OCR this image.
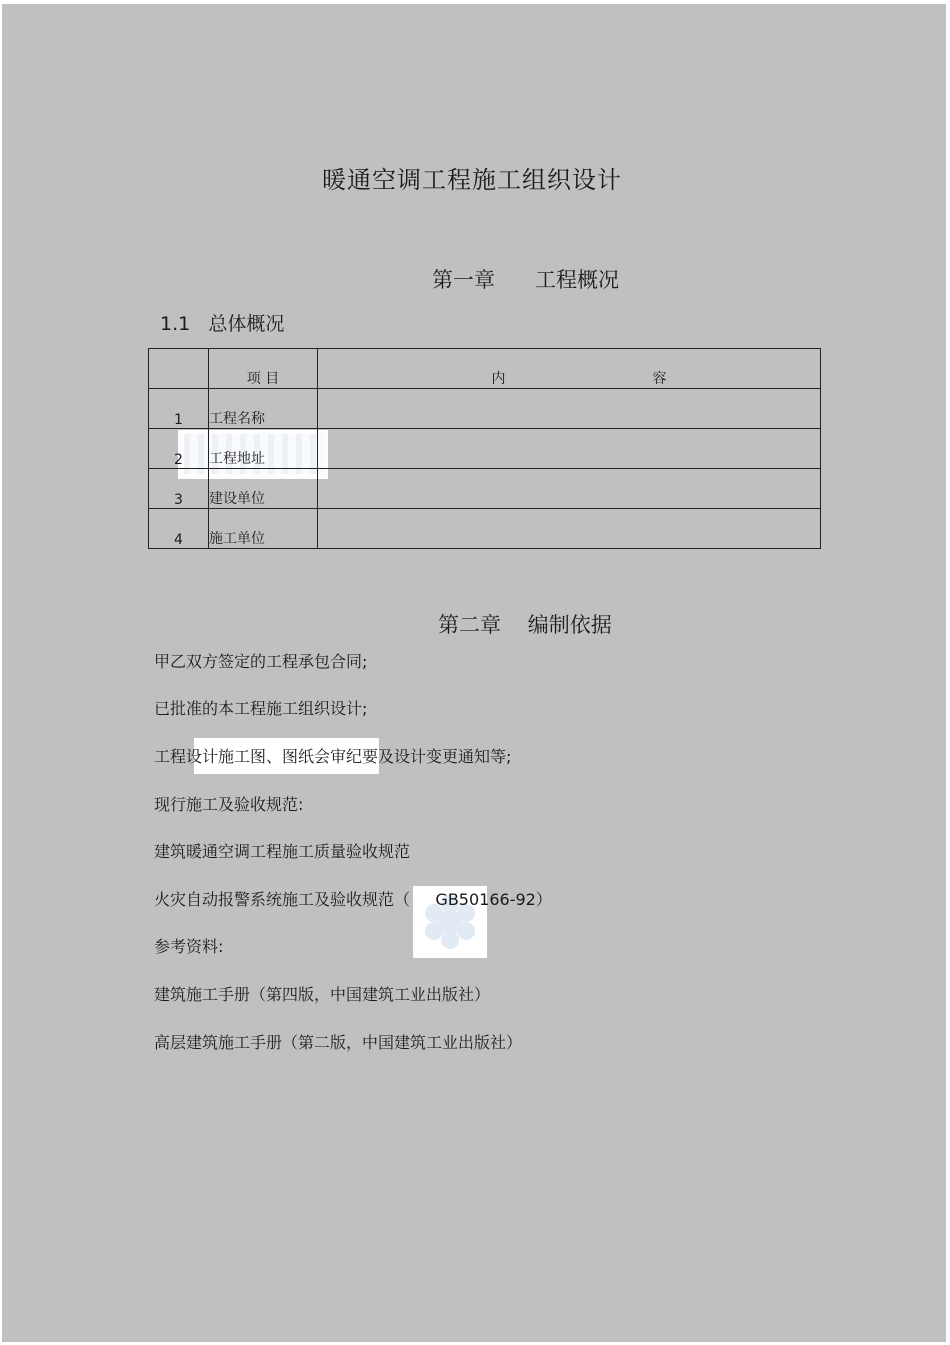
暖通空调工程施工组织设计
第一章      工程概况
1.1   总体概况
	项 目	内 容

1	工程名称	
2	工程地址	
3	建设单位	
4	施工单位	
第二章    编制依据
甲乙双方签定的工程承包合同;
已批准的本工程施工组织设计;
工程设计施工图、图纸会审纪要及设计变更通知等;
现行施工及验收规范:
建筑暖通空调工程施工质量验收规范
火灾自动报警系统施工及验收规范（     GB50166-92）
参考资料:
建筑施工手册（第四版，中国建筑工业出版社）
高层建筑施工手册（第二版，中国建筑工业出版社）
